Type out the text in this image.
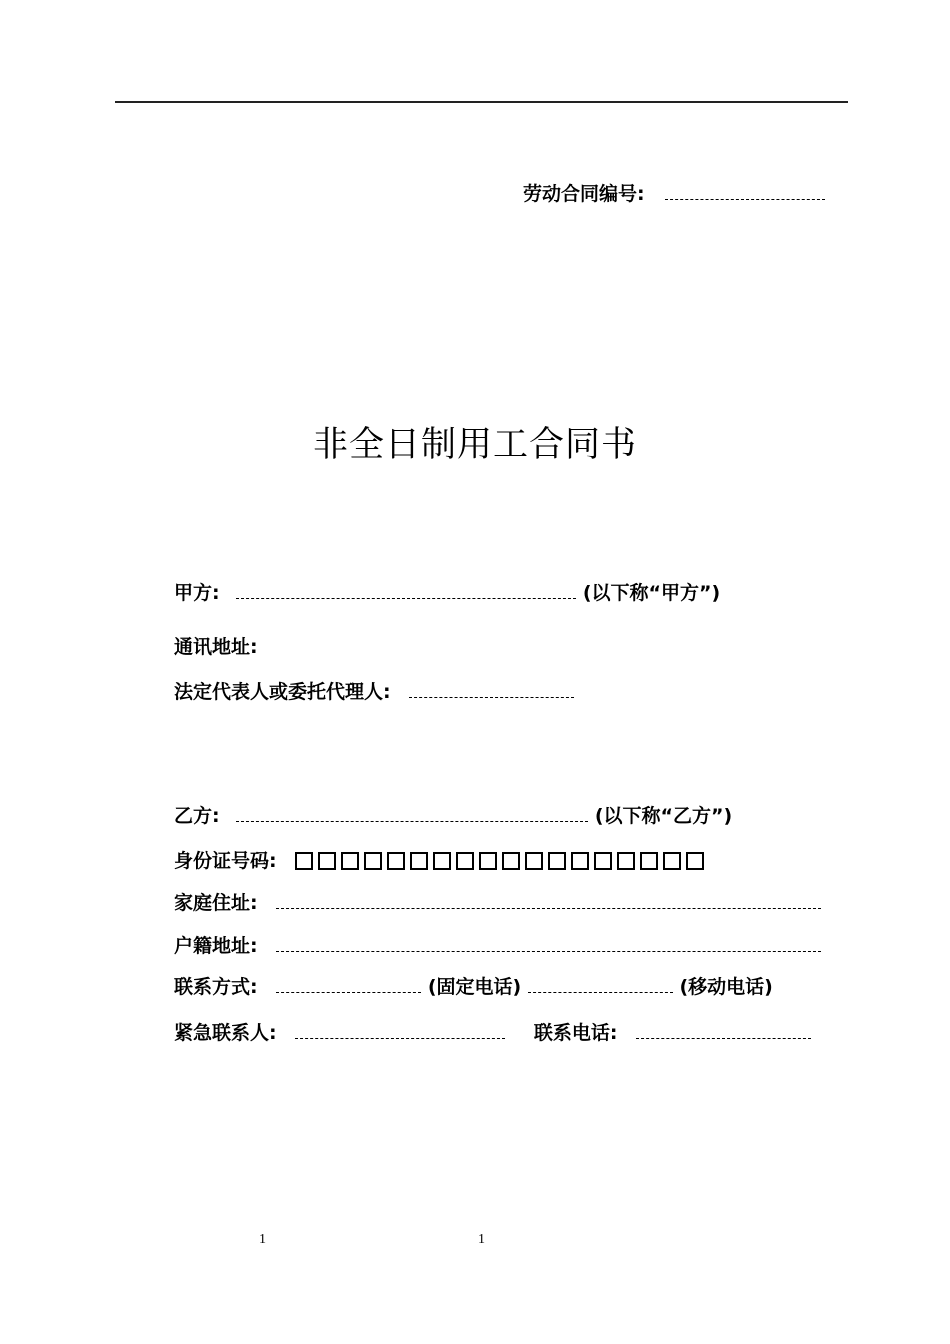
劳动合同编号:
非全日制用工合同书
甲方:	(以下称“甲方”)
通讯地址:
法定代表人或委托代理人:
乙方:	(以下称“乙方”)
身份证号码:
家庭住址:
户籍地址:
联系方式:	(固定电话)	(移动电话)
紧急联系人:	联系电话:
1	1
